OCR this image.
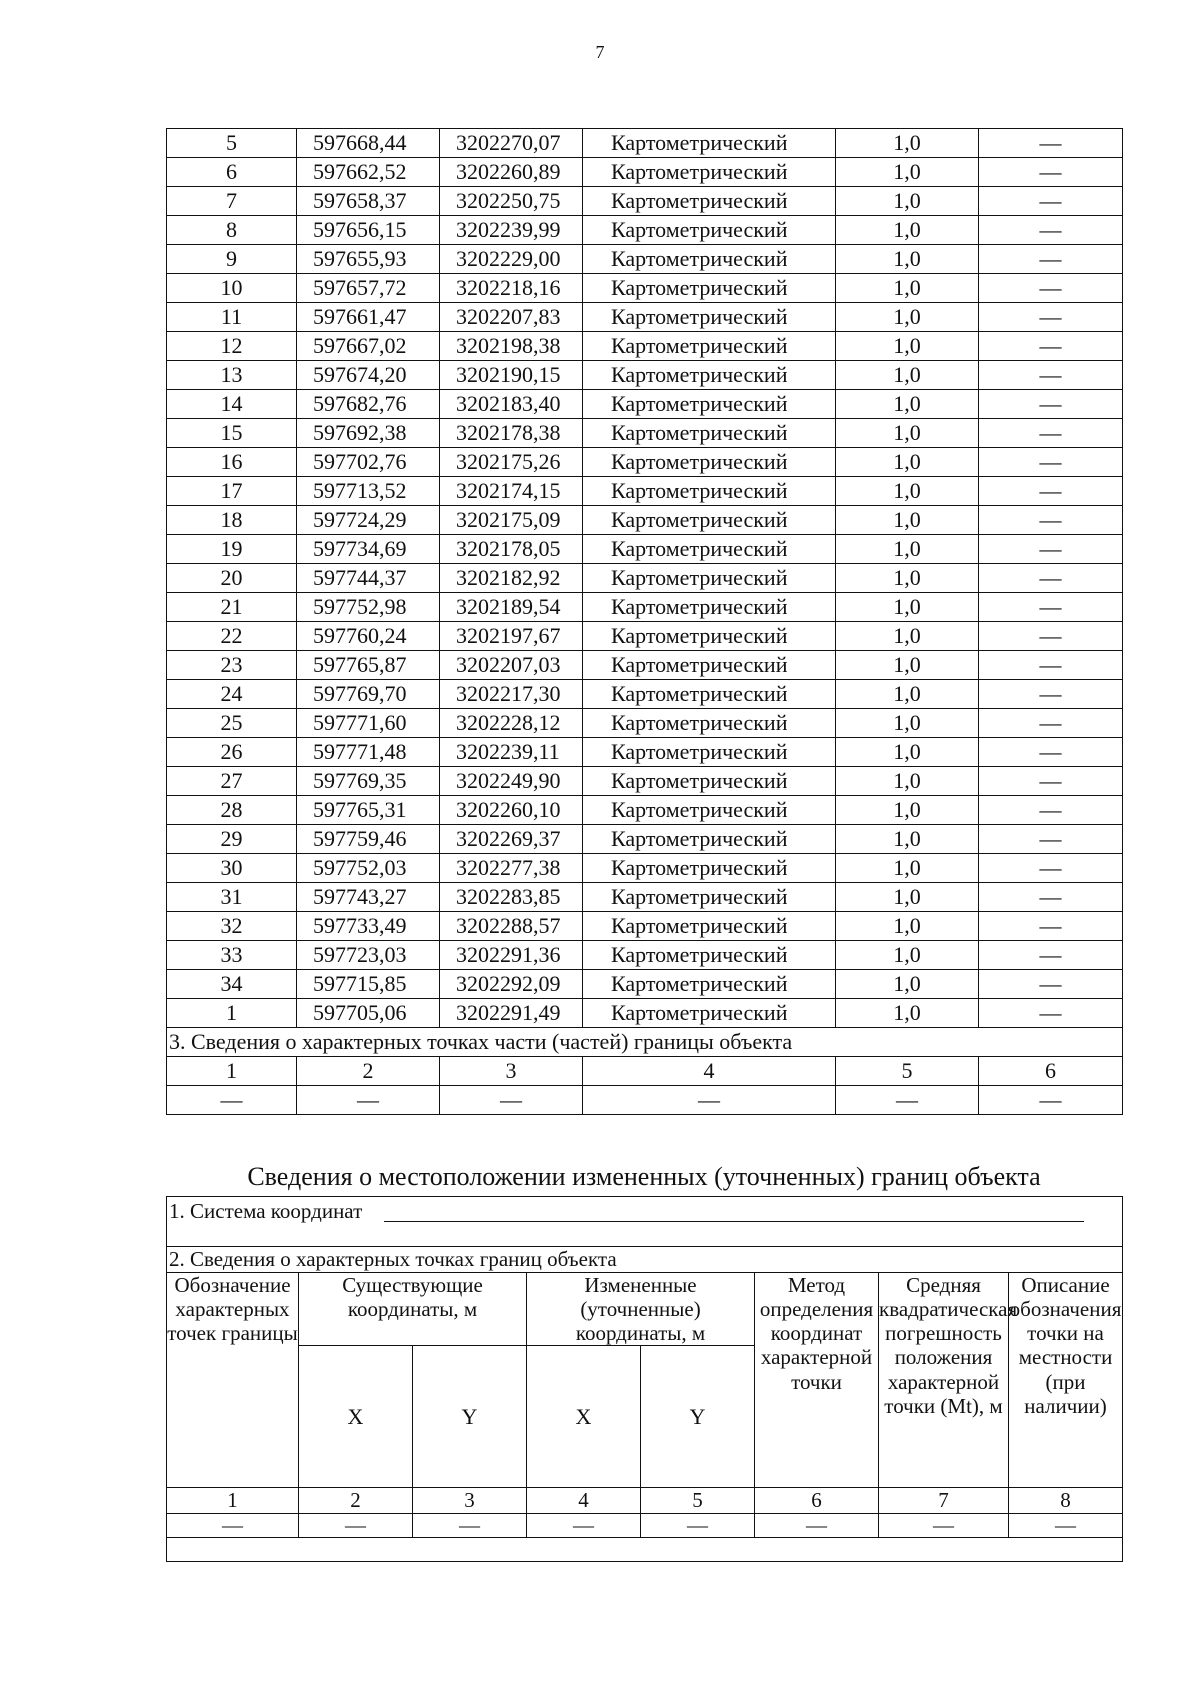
7
5	597668,44	3202270,07	Картометрический	1,0	—
6	597662,52	3202260,89	Картометрический	1,0	—
7	597658,37	3202250,75	Картометрический	1,0	—
8	597656,15	3202239,99	Картометрический	1,0	—
9	597655,93	3202229,00	Картометрический	1,0	—
10	597657,72	3202218,16	Картометрический	1,0	—
11	597661,47	3202207,83	Картометрический	1,0	—
12	597667,02	3202198,38	Картометрический	1,0	—
13	597674,20	3202190,15	Картометрический	1,0	—
14	597682,76	3202183,40	Картометрический	1,0	—
15	597692,38	3202178,38	Картометрический	1,0	—
16	597702,76	3202175,26	Картометрический	1,0	—
17	597713,52	3202174,15	Картометрический	1,0	—
18	597724,29	3202175,09	Картометрический	1,0	—
19	597734,69	3202178,05	Картометрический	1,0	—
20	597744,37	3202182,92	Картометрический	1,0	—
21	597752,98	3202189,54	Картометрический	1,0	—
22	597760,24	3202197,67	Картометрический	1,0	—
23	597765,87	3202207,03	Картометрический	1,0	—
24	597769,70	3202217,30	Картометрический	1,0	—
25	597771,60	3202228,12	Картометрический	1,0	—
26	597771,48	3202239,11	Картометрический	1,0	—
27	597769,35	3202249,90	Картометрический	1,0	—
28	597765,31	3202260,10	Картометрический	1,0	—
29	597759,46	3202269,37	Картометрический	1,0	—
30	597752,03	3202277,38	Картометрический	1,0	—
31	597743,27	3202283,85	Картометрический	1,0	—
32	597733,49	3202288,57	Картометрический	1,0	—
33	597723,03	3202291,36	Картометрический	1,0	—
34	597715,85	3202292,09	Картометрический	1,0	—
1	597705,06	3202291,49	Картометрический	1,0	—
3. Сведения о характерных точках части (частей) границы объекта					
1	2	3	4	5	6
—	—	—	—	—	—
Сведения о местоположении измененных (уточненных) границ объекта
1. Система координат							

2. Сведения о характерных точках границ объекта							
Обозначение характерных точек границы	Существующие координаты, м		Измененные (уточненные) координаты, м		Метод определения координат характерной точки	Средняя квадратическая погрешность положения характерной точки (Mt), м	Описание обозначения точки на местности (при наличии)
	X	Y	X	Y			
1	2	3	4	5	6	7	8
—	—	—	—	—	—	—	—
